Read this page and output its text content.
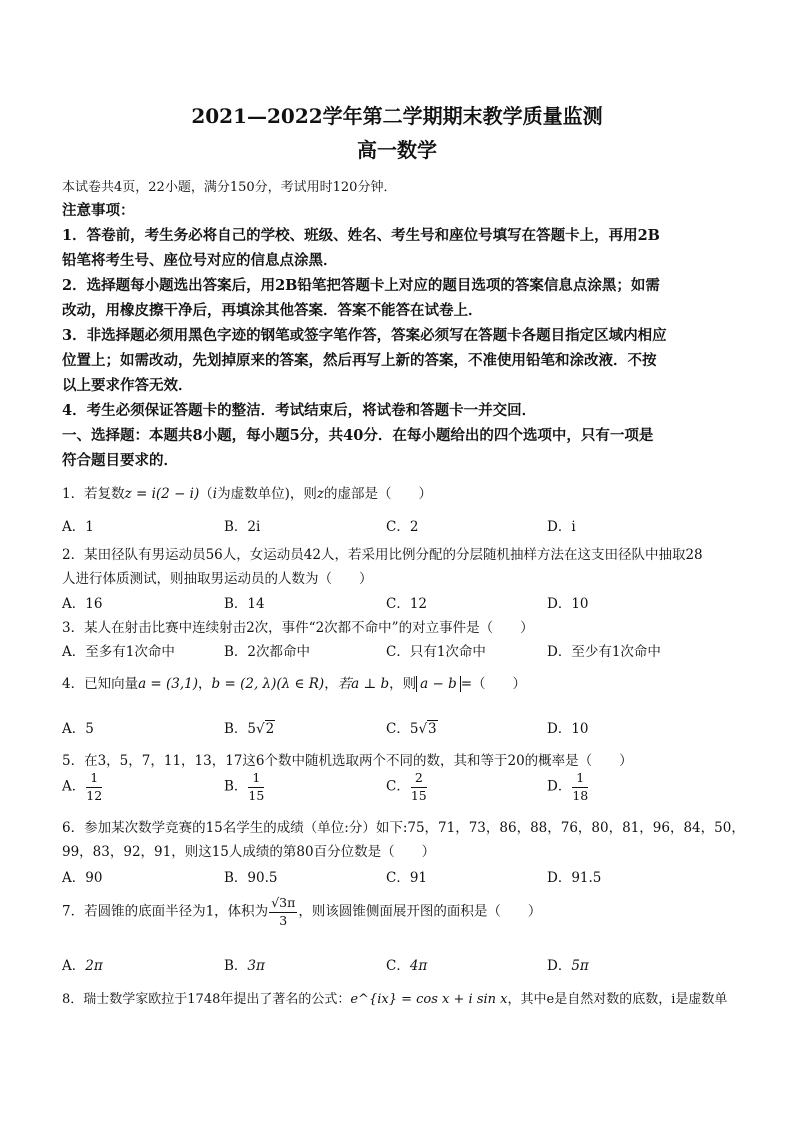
2021—2022学年第二学期期末教学质量监测
高一数学
本试卷共4页，22小题，满分150分，考试用时120分钟．
注意事项：
1．答卷前，考生务必将自己的学校、班级、姓名、考生号和座位号填写在答题卡上，再用2B
铅笔将考生号、座位号对应的信息点涂黑．
2．选择题每小题选出答案后，用2B铅笔把答题卡上对应的题目选项的答案信息点涂黑；如需
改动，用橡皮擦干净后，再填涂其他答案．答案不能答在试卷上．
3．非选择题必须用黑色字迹的钢笔或签字笔作答，答案必须写在答题卡各题目指定区域内相应
位置上；如需改动，先划掉原来的答案，然后再写上新的答案，不准使用铅笔和涂改液．不按
以上要求作答无效．
4．考生必须保证答题卡的整洁．考试结束后，将试卷和答题卡一并交回．
一、选择题：本题共8小题，每小题5分，共40分．在每小题给出的四个选项中，只有一项是
符合题目要求的．
1．若复数z = i(2 − i)（i为虚数单位)，则z的虚部是（　　）
A．1	B．2i	C．2	D．i
2．某田径队有男运动员56人，女运动员42人，若采用比例分配的分层随机抽样方法在这支田径队中抽取28
人进行体质测试，则抽取男运动员的人数为（　　）
A．16	B．14	C．12	D．10
3．某人在射击比赛中连续射击2次，事件“2次都不命中”的对立事件是（　　）
A．至多有1次命中	B．2次都命中	C．只有1次命中	D．至少有1次命中
4．已知向量a = (3,1)，b = (2, λ)(λ ∈ R)，若a ⊥ b，则 a − b =（　　）
A．5	B．5√2	C．5√3	D．10
5．在3，5，7，11，13，17这6个数中随机选取两个不同的数，其和等于20的概率是（　　）
A． $\frac{1}{12}$	B． $\frac{1}{15}$	C． $\frac{2}{15}$	D． $\frac{1}{18}$
6．参加某次数学竞赛的15名学生的成绩（单位:分）如下:75，71，73，86，88，76，80，81，96，84，50，
99，83，92，91，则这15人成绩的第80百分位数是（　　）
A．90	B．90.5	C．91	D．91.5
7．若圆锥的底面半径为1，体积为 $\frac{√3\pi}{3}$ ，则该圆锥侧面展开图的面积是（　　）
A．2π	B．3π	C．4π	D．5π
8．瑞士数学家欧拉于1748年提出了著名的公式：e^{ix} = cos x + i sin x，其中e是自然对数的底数，i是虚数单
